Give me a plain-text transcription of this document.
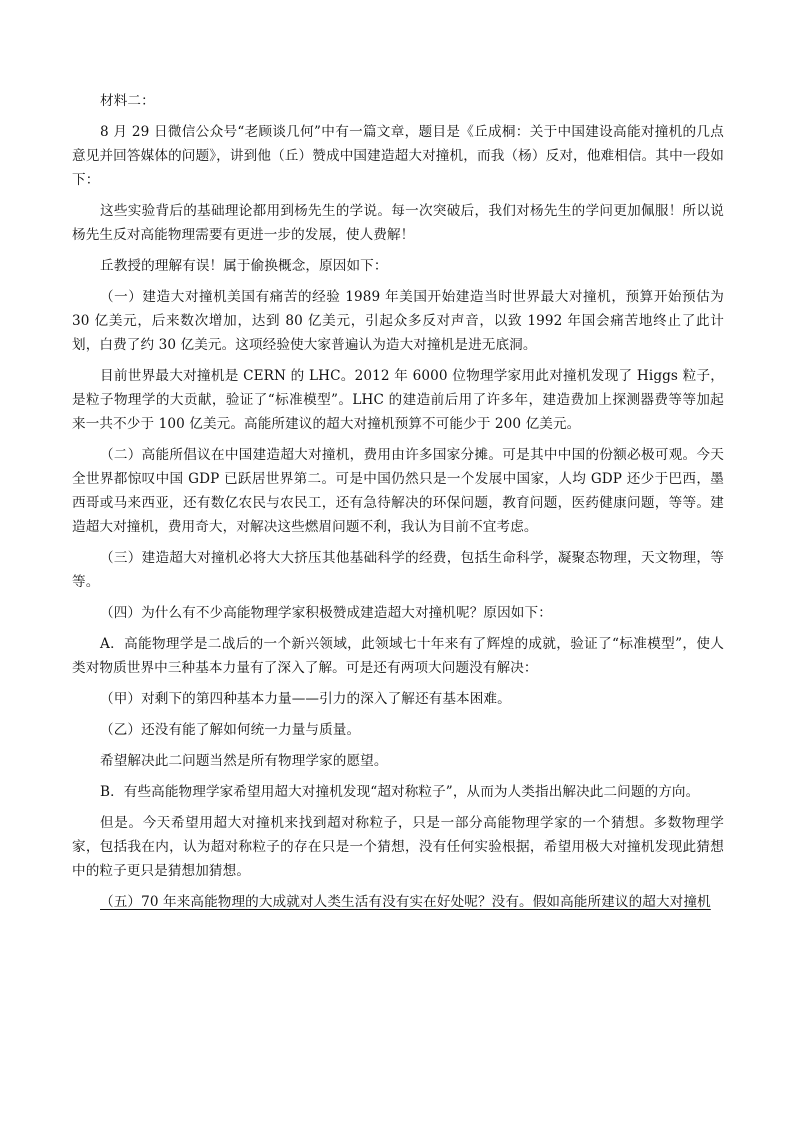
材料二：

8 月 29 日微信公众号“老顾谈几何”中有一篇文章，题目是《丘成桐：关于中国建设高能对撞机的几点意见并回答媒体的问题》，讲到他（丘）赞成中国建造超大对撞机，而我（杨）反对，他难相信。其中一段如下：

这些实验背后的基础理论都用到杨先生的学说。每一次突破后，我们对杨先生的学问更加佩服！所以说杨先生反对高能物理需要有更进一步的发展，使人费解！

丘教授的理解有误！属于偷换概念，原因如下：

（一）建造大对撞机美国有痛苦的经验 1989 年美国开始建造当时世界最大对撞机，预算开始预估为 30 亿美元，后来数次增加，达到 80 亿美元，引起众多反对声音，以致 1992 年国会痛苦地终止了此计划，白费了约 30 亿美元。这项经验使大家普遍认为造大对撞机是进无底洞。

目前世界最大对撞机是 CERN 的 LHC。2012 年 6000 位物理学家用此对撞机发现了 Higgs 粒子，是粒子物理学的大贡献，验证了“标准模型”。LHC 的建造前后用了许多年，建造费加上探测器费等等加起来一共不少于 100 亿美元。高能所建议的超大对撞机预算不可能少于 200 亿美元。

（二）高能所倡议在中国建造超大对撞机，费用由许多国家分摊。可是其中中国的份额必极可观。今天全世界都惊叹中国 GDP 已跃居世界第二。可是中国仍然只是一个发展中国家，人均 GDP 还少于巴西，墨西哥或马来西亚，还有数亿农民与农民工，还有急待解决的环保问题，教育问题，医药健康问题，等等。建造超大对撞机，费用奇大，对解决这些燃眉问题不利，我认为目前不宜考虑。

（三）建造超大对撞机必将大大挤压其他基础科学的经费，包括生命科学，凝聚态物理，天文物理，等等。

（四）为什么有不少高能物理学家积极赞成建造超大对撞机呢？原因如下：

A．高能物理学是二战后的一个新兴领域，此领域七十年来有了辉煌的成就，验证了“标准模型”，使人类对物质世界中三种基本力量有了深入了解。可是还有两项大问题没有解决：

（甲）对剩下的第四种基本力量——引力的深入了解还有基本困难。

（乙）还没有能了解如何统一力量与质量。

希望解决此二问题当然是所有物理学家的愿望。

B．有些高能物理学家希望用超大对撞机发现“超对称粒子”，从而为人类指出解决此二问题的方向。

但是。今天希望用超大对撞机来找到超对称粒子，只是一部分高能物理学家的一个猜想。多数物理学家，包括我在内，认为超对称粒子的存在只是一个猜想，没有任何实验根据，希望用极大对撞机发现此猜想中的粒子更只是猜想加猜想。

（五）70 年来高能物理的大成就对人类生活有没有实在好处呢？没有。假如高能所建议的超大对撞机
